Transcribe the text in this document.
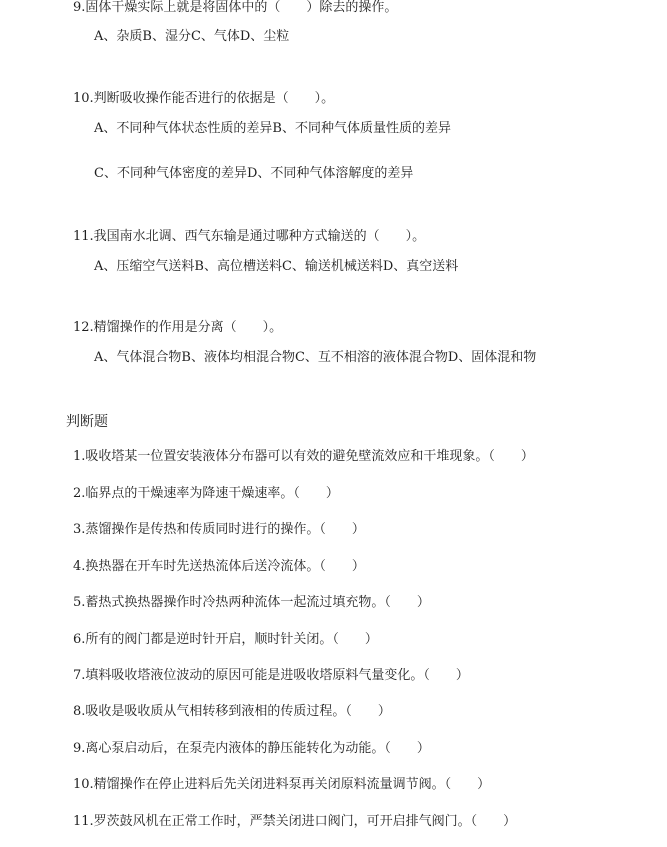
9.固体干燥实际上就是将固体中的（　　）除去的操作。
A、杂质B、湿分C、气体D、尘粒
10.判断吸收操作能否进行的依据是（　　）。
A、不同种气体状态性质的差异B、不同种气体质量性质的差异
C、不同种气体密度的差异D、不同种气体溶解度的差异
11.我国南水北调、西气东输是通过哪种方式输送的（　　）。
A、压缩空气送料B、高位槽送料C、输送机械送料D、真空送料
12.精馏操作的作用是分离（　　）。
A、气体混合物B、液体均相混合物C、互不相溶的液体混合物D、固体混和物
判断题
1.吸收塔某一位置安装液体分布器可以有效的避免壁流效应和干堆现象。（　　）
2.临界点的干燥速率为降速干燥速率。（　　）
3.蒸馏操作是传热和传质同时进行的操作。（　　）
4.换热器在开车时先送热流体后送冷流体。（　　）
5.蓄热式换热器操作时冷热两种流体一起流过填充物。（　　）
6.所有的阀门都是逆时针开启，顺时针关闭。（　　）
7.填料吸收塔液位波动的原因可能是进吸收塔原料气量变化。（　　）
8.吸收是吸收质从气相转移到液相的传质过程。（　　）
9.离心泵启动后，在泵壳内液体的静压能转化为动能。（　　）
10.精馏操作在停止进料后先关闭进料泵再关闭原料流量调节阀。（　　）
11.罗茨鼓风机在正常工作时，严禁关闭进口阀门，可开启排气阀门。（　　）
